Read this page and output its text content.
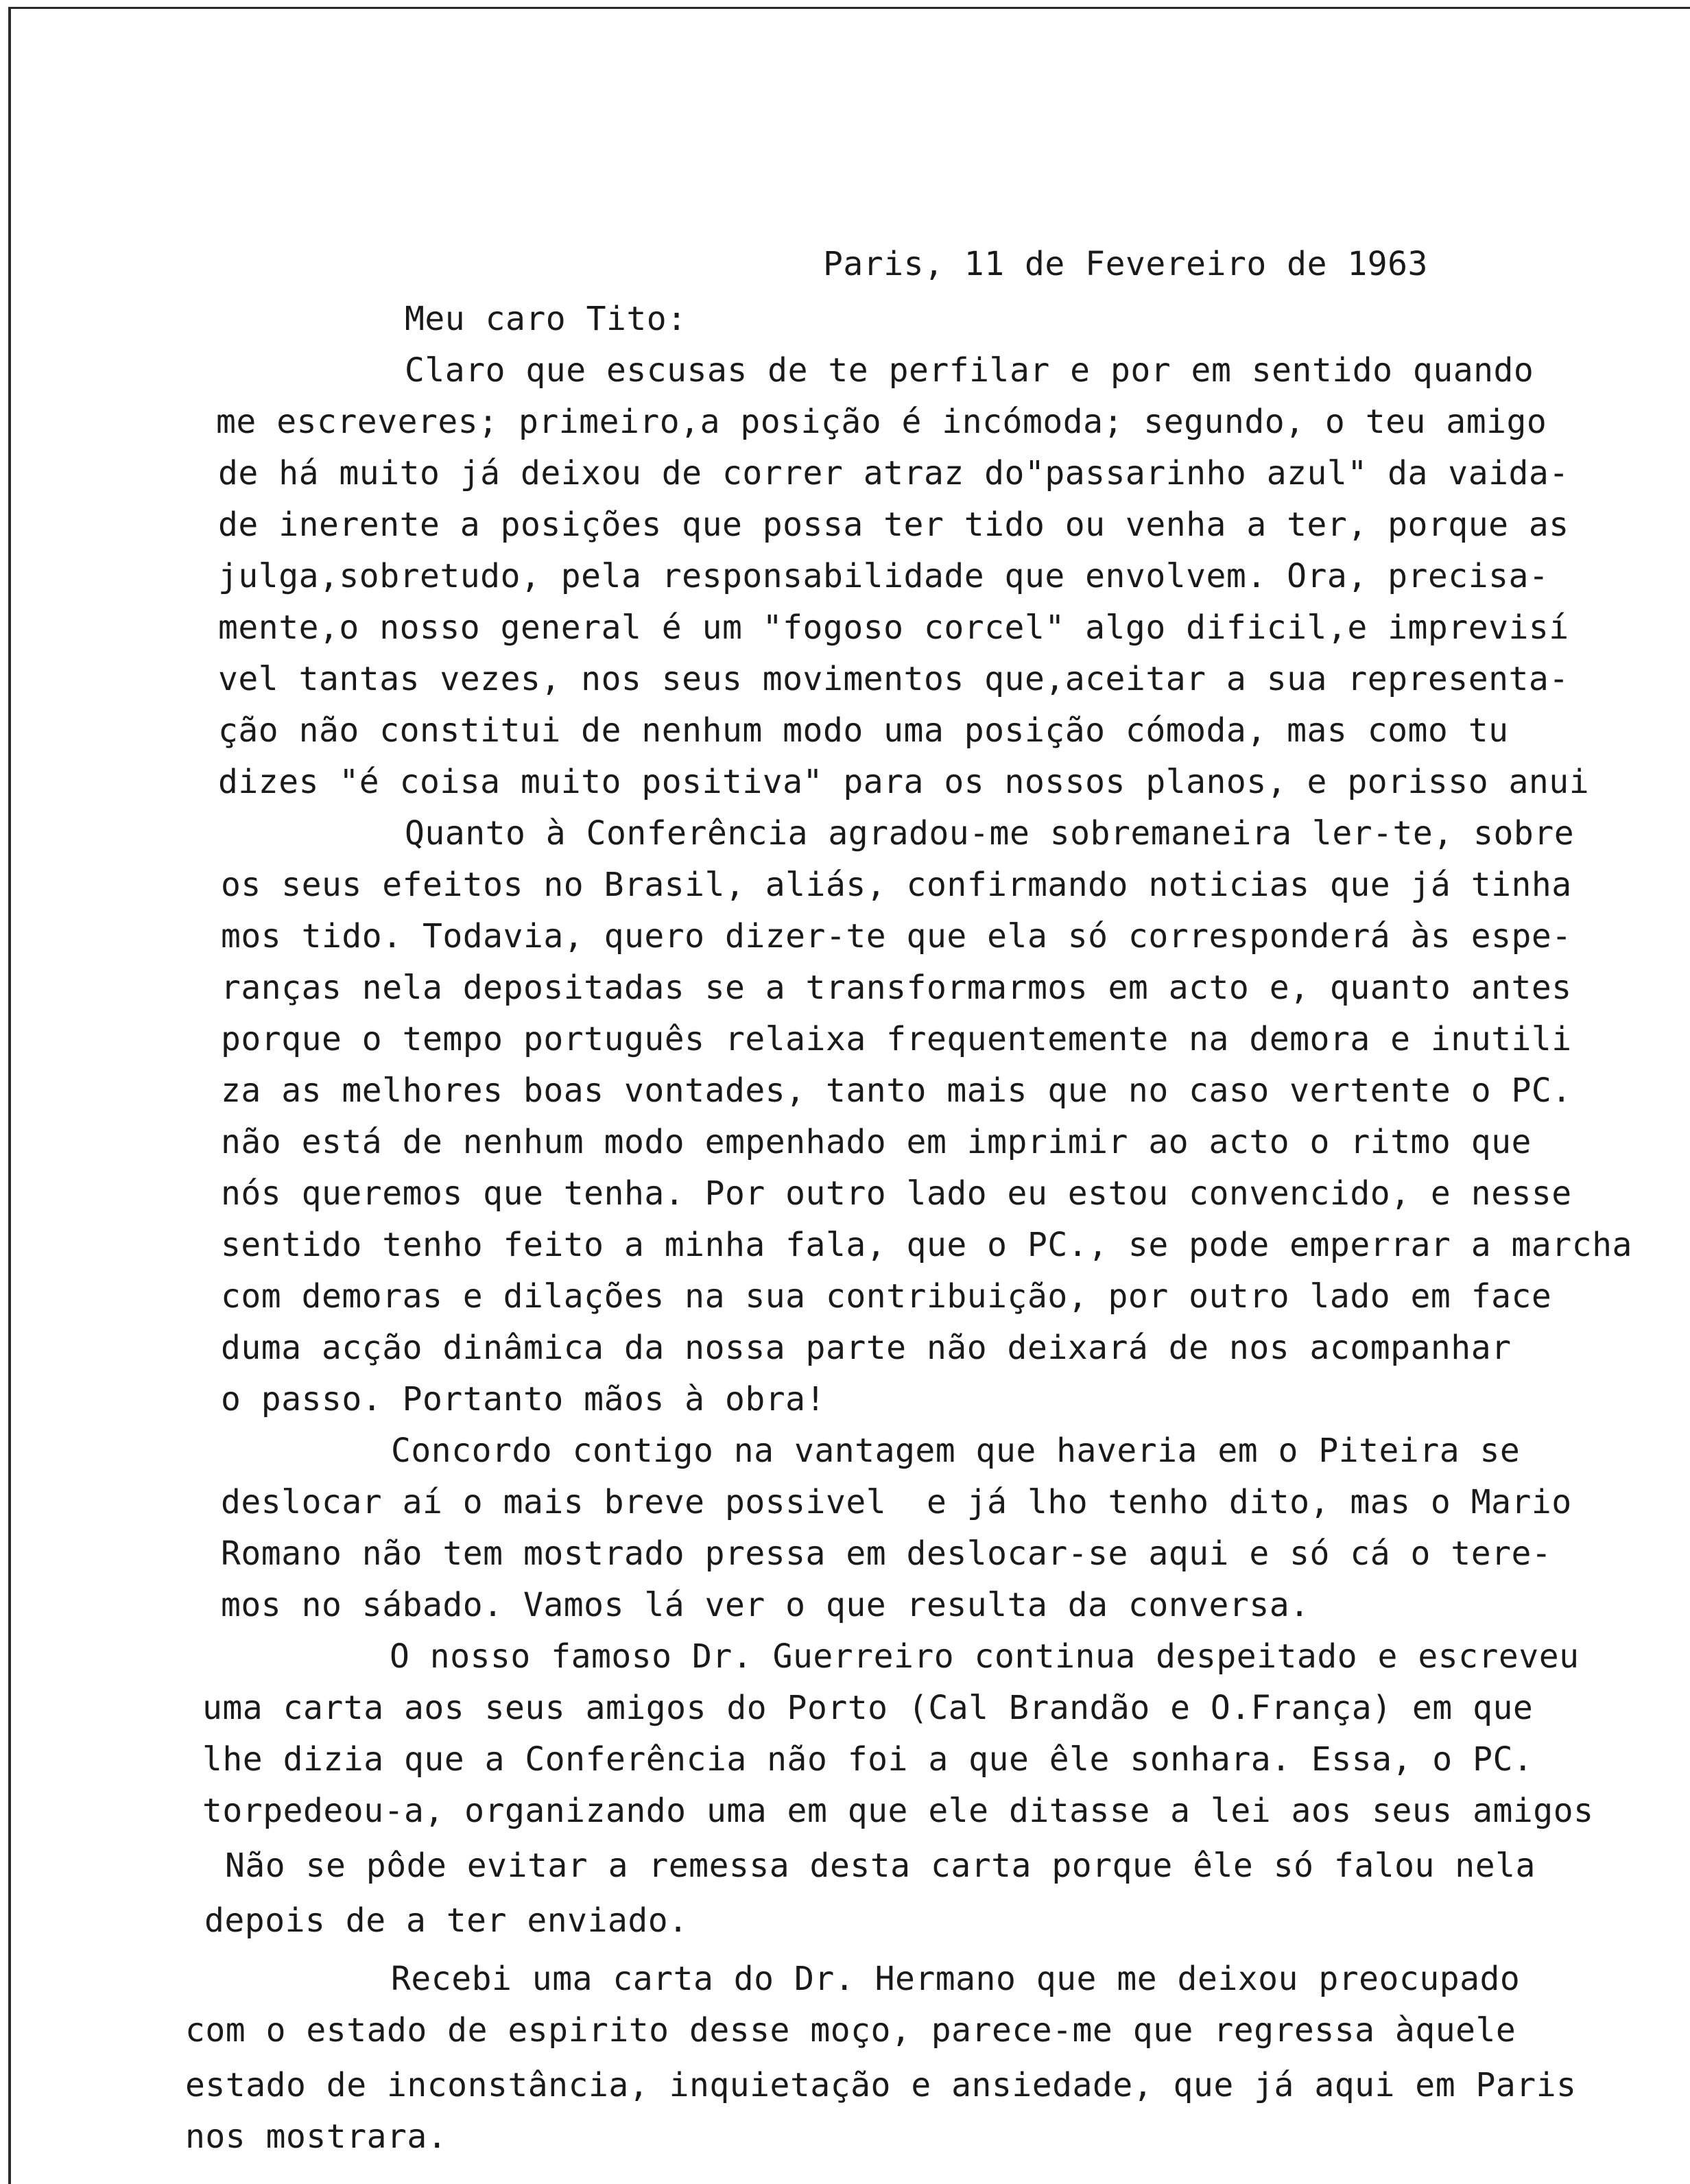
Paris, 11 de Fevereiro de 1963
Meu caro Tito:
Claro que escusas de te perfilar e por em sentido quando
me escreveres; primeiro,a posição é incómoda; segundo, o teu amigo
de há muito já deixou de correr atraz do"passarinho azul" da vaida-
de inerente a posições que possa ter tido ou venha a ter, porque as
julga,sobretudo, pela responsabilidade que envolvem. Ora, precisa-
mente,o nosso general é um "fogoso corcel" algo dificil,e imprevisí
vel tantas vezes, nos seus movimentos que,aceitar a sua representa-
ção não constitui de nenhum modo uma posição cómoda, mas como tu
dizes "é coisa muito positiva" para os nossos planos, e porisso anui
Quanto à Conferência agradou-me sobremaneira ler-te, sobre
os seus efeitos no Brasil, aliás, confirmando noticias que já tinha
mos tido. Todavia, quero dizer-te que ela só corresponderá às espe-
ranças nela depositadas se a transformarmos em acto e, quanto antes
porque o tempo português relaixa frequentemente na demora e inutili
za as melhores boas vontades, tanto mais que no caso vertente o PC.
não está de nenhum modo empenhado em imprimir ao acto o ritmo que
nós queremos que tenha. Por outro lado eu estou convencido, e nesse
sentido tenho feito a minha fala, que o PC., se pode emperrar a marcha
com demoras e dilações na sua contribuição, por outro lado em face
duma acção dinâmica da nossa parte não deixará de nos acompanhar
o passo. Portanto mãos à obra!
Concordo contigo na vantagem que haveria em o Piteira se
deslocar aí o mais breve possivel  e já lho tenho dito, mas o Mario
Romano não tem mostrado pressa em deslocar-se aqui e só cá o tere-
mos no sábado. Vamos lá ver o que resulta da conversa.
O nosso famoso Dr. Guerreiro continua despeitado e escreveu
uma carta aos seus amigos do Porto (Cal Brandão e O.França) em que
lhe dizia que a Conferência não foi a que êle sonhara. Essa, o PC.
torpedeou-a, organizando uma em que ele ditasse a lei aos seus amigos
Não se pôde evitar a remessa desta carta porque êle só falou nela
depois de a ter enviado.
Recebi uma carta do Dr. Hermano que me deixou preocupado
com o estado de espirito desse moço, parece-me que regressa àquele
estado de inconstância, inquietação e ansiedade, que já aqui em Paris
nos mostrara.
